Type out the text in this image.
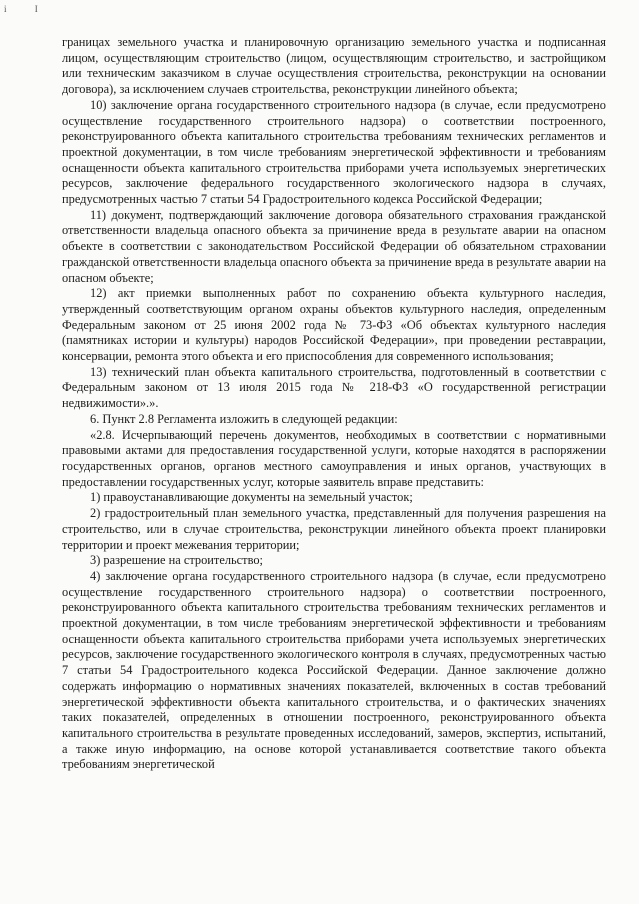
i	I

границах земельного участка и планировочную организацию земельного участка и подписанная лицом, осуществляющим строительство (лицом, осуществляющим строительство, и застройщиком или техническим заказчиком в случае осуществления строительства, реконструкции на основании договора), за исключением случаев строительства, реконструкции линейного объекта;

10) заключение органа государственного строительного надзора (в случае, если предусмотрено осуществление государственного строительного надзора) о соответствии построенного, реконструированного объекта капитального строительства требованиям технических регламентов и проектной документации, в том числе требованиям энергетической эффективности и требованиям оснащенности объекта капитального строительства приборами учета используемых энергетических ресурсов, заключение федерального государственного экологического надзора в случаях, предусмотренных частью 7 статьи 54 Градостроительного кодекса Российской Федерации;

11) документ, подтверждающий заключение договора обязательного страхования гражданской ответственности владельца опасного объекта за причинение вреда в результате аварии на опасном объекте в соответствии с законодательством Российской Федерации об обязательном страховании гражданской ответственности владельца опасного объекта за причинение вреда в результате аварии на опасном объекте;

12) акт приемки выполненных работ по сохранению объекта культурного наследия, утвержденный соответствующим органом охраны объектов культурного наследия, определенным Федеральным законом от 25 июня 2002 года № 73-ФЗ «Об объектах культурного наследия (памятниках истории и культуры) народов Российской Федерации», при проведении реставрации, консервации, ремонта этого объекта и его приспособления для современного использования;

13) технический план объекта капитального строительства, подготовленный в соответствии с Федеральным законом от 13 июля 2015 года № 218-ФЗ «О государственной регистрации недвижимости».».

6. Пункт 2.8 Регламента изложить в следующей редакции:

«2.8. Исчерпывающий перечень документов, необходимых в соответствии с нормативными правовыми актами для предоставления государственной услуги, которые находятся в распоряжении государственных органов, органов местного самоуправления и иных органов, участвующих в предоставлении государственных услуг, которые заявитель вправе представить:

1) правоустанавливающие документы на земельный участок;

2) градостроительный план земельного участка, представленный для получения разрешения на строительство, или в случае строительства, реконструкции линейного объекта проект планировки территории и проект межевания территории;

3) разрешение на строительство;

4) заключение органа государственного строительного надзора (в случае, если предусмотрено осуществление государственного строительного надзора) о соответствии построенного, реконструированного объекта капитального строительства требованиям технических регламентов и проектной документации, в том числе требованиям энергетической эффективности и требованиям оснащенности объекта капитального строительства приборами учета используемых энергетических ресурсов, заключение государственного экологического контроля в случаях, предусмотренных частью 7 статьи 54 Градостроительного кодекса Российской Федерации. Данное заключение должно содержать информацию о нормативных значениях показателей, включенных в состав требований энергетической эффективности объекта капитального строительства, и о фактических значениях таких показателей, определенных в отношении построенного, реконструированного объекта капитального строительства в результате проведенных исследований, замеров, экспертиз, испытаний, а также иную информацию, на основе которой устанавливается соответствие такого объекта требованиям энергетической
